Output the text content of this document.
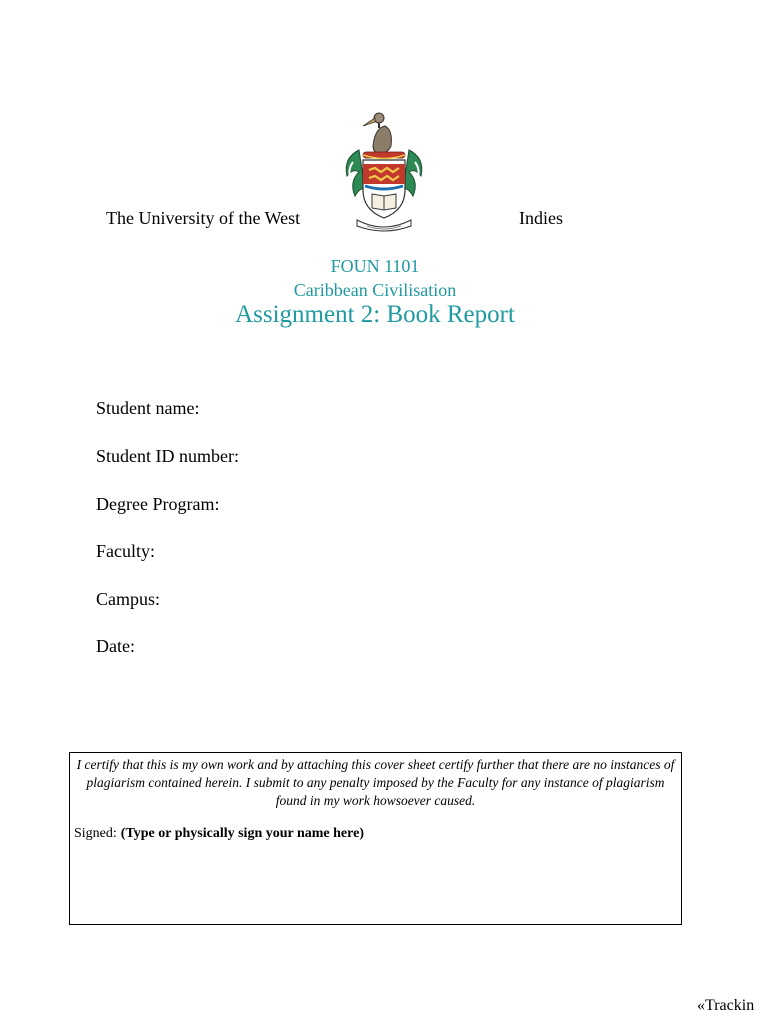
The University of the West	Indies
FOUN 1101
Caribbean Civilisation
Assignment 2: Book Report
Student name:
Student ID number:
Degree Program:
Faculty:
Campus:
Date:
I certify that this is my own work and by attaching this cover sheet certify further that there are no instances of plagiarism contained herein. I submit to any penalty imposed by the Faculty for any instance of plagiarism found in my work howsoever caused.
Signed: (Type or physically sign your name here)
«Trackin
